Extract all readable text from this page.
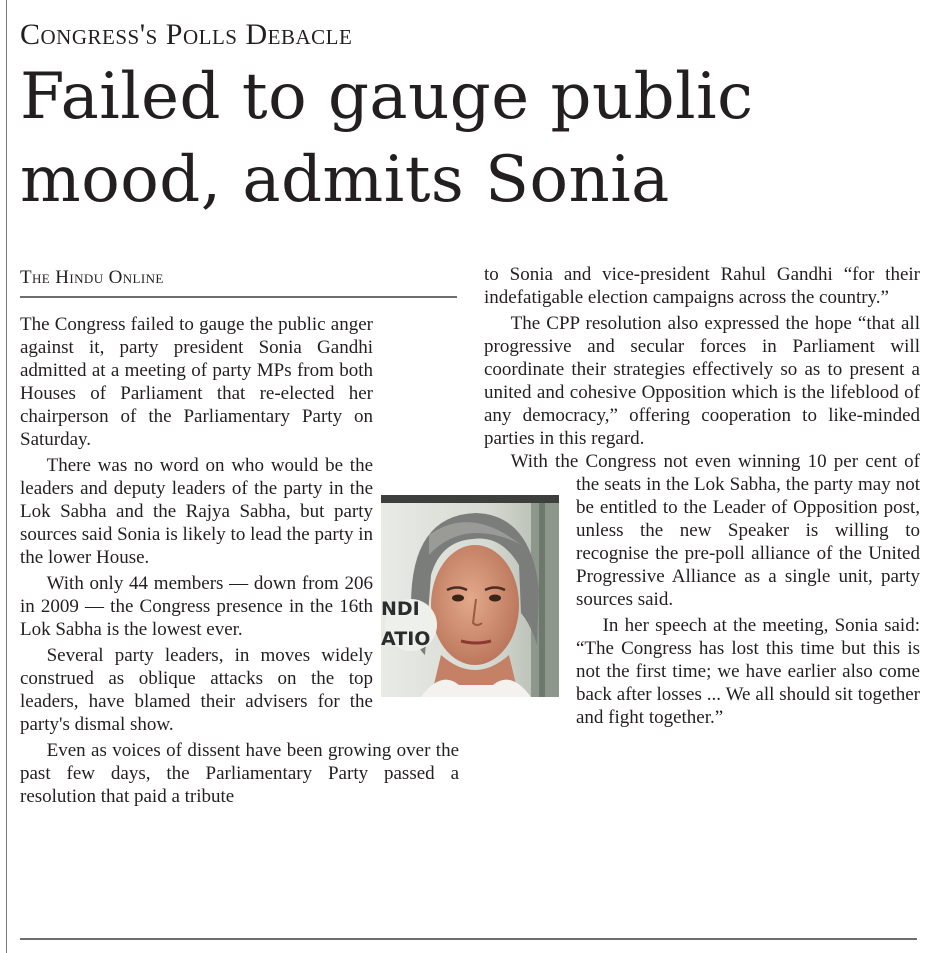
Congress's Polls Debacle
Failed to gauge public
mood, admits Sonia
The Hindu Online

The Congress failed to gauge the public anger against it, party president Sonia Gandhi admitted at a meeting of party MPs from both Houses of Parliament that re-elected her chairperson of the Parliamentary Party on Saturday.

There was no word on who would be the leaders and deputy leaders of the party in the Lok Sabha and the Rajya Sabha, but party sources said Sonia is likely to lead the party in the lower House.

With only 44 members — down from 206 in 2009 — the Congress presence in the 16th Lok Sabha is the lowest ever.

Several party leaders, in moves widely construed as oblique attacks on the top leaders, have blamed their advisers for the party's dismal show.

Even as voices of dissent have been growing over the past few days, the Parliamentary Party passed a resolution that paid a tribute

to Sonia and vice-president Rahul Gandhi “for their indefatigable election campaigns across the country.”

The CPP resolution also expressed the hope “that all progressive and secular forces in Parliament will coordinate their strategies effectively so as to present a united and cohesive Opposition which is the lifeblood of any democracy,” offering cooperation to like-minded parties in this regard.

With the Congress not even winning 10 per cent of the seats in the Lok Sabha, the party may not be entitled to the Leader of Opposition post, unless the new Speaker is willing to recognise the pre-poll alliance of the United Progressive Alliance as a single unit, party sources said.

In her speech at the meeting, Sonia said: “The Congress has lost this time but this is not the first time; we have earlier also come back after losses ... We all should sit together and fight together.”

NDI
ATIO
